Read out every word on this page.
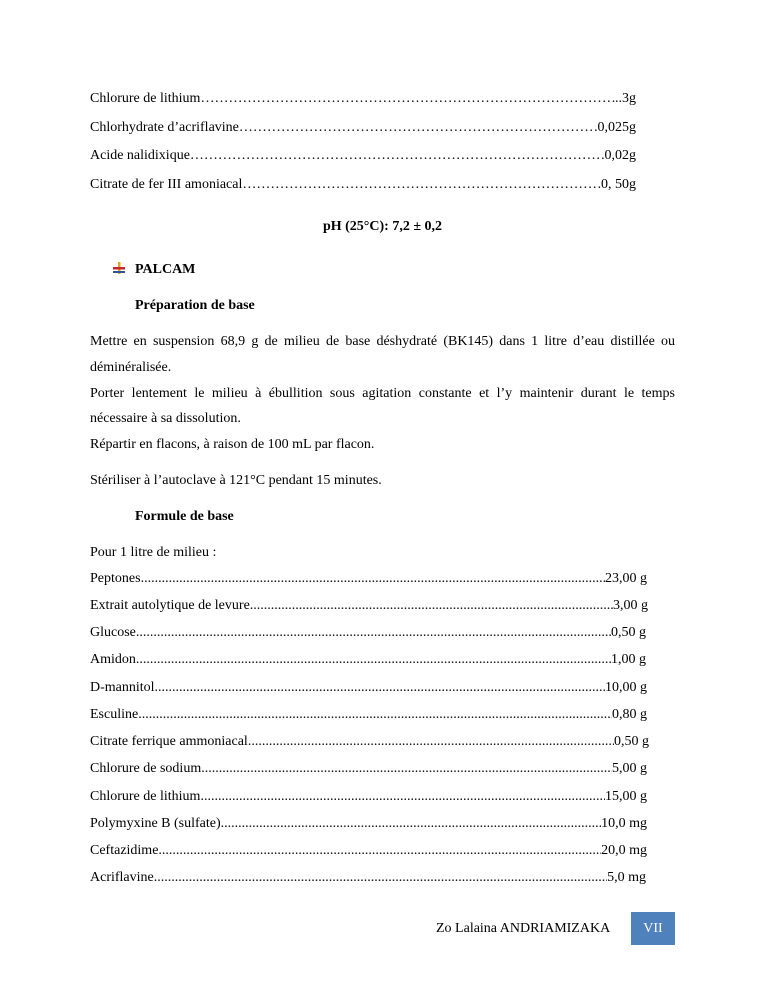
Chlorure de lithium ……………………………………………………………………………………………………………………………………………	..3g
Chlorhydrate d’acriflavine ……………………………………………………………………………………………………………………………………………	0,025g
Acide nalidixique ……………………………………………………………………………………………………………………………………………	0,02g
Citrate de fer III amoniacal ……………………………………………………………………………………………………………………………………………	0, 50g
pH (25°C): 7,2 ± 0,2
PALCAM
Préparation de base
Mettre en suspension 68,9 g de milieu de base déshydraté (BK145) dans 1 litre d’eau distillée ou
déminéralisée.
Porter lentement le milieu à ébullition sous agitation constante et l’y maintenir durant le temps
nécessaire à sa dissolution.
Répartir en flacons, à raison de 100 mL par flacon.
Stériliser à l’autoclave à 121°C pendant 15 minutes.
Formule de base
Pour 1 litre de milieu :
Peptones .....	23,00 g
Extrait autolytique de levure .....	3,00 g
Glucose .....	0,50 g
Amidon .....	1,00 g
D-mannitol .....	10,00 g
Esculine .....	0,80 g
Citrate ferrique ammoniacal .....	0,50 g
Chlorure de sodium .....	5,00 g
Chlorure de lithium .....	15,00 g
Polymyxine B (sulfate) .....	10,0 mg
Ceftazidime .....	20,0 mg
Acriflavine .....	5,0 mg
Zo Lalaina ANDRIAMIZAKA	VII
